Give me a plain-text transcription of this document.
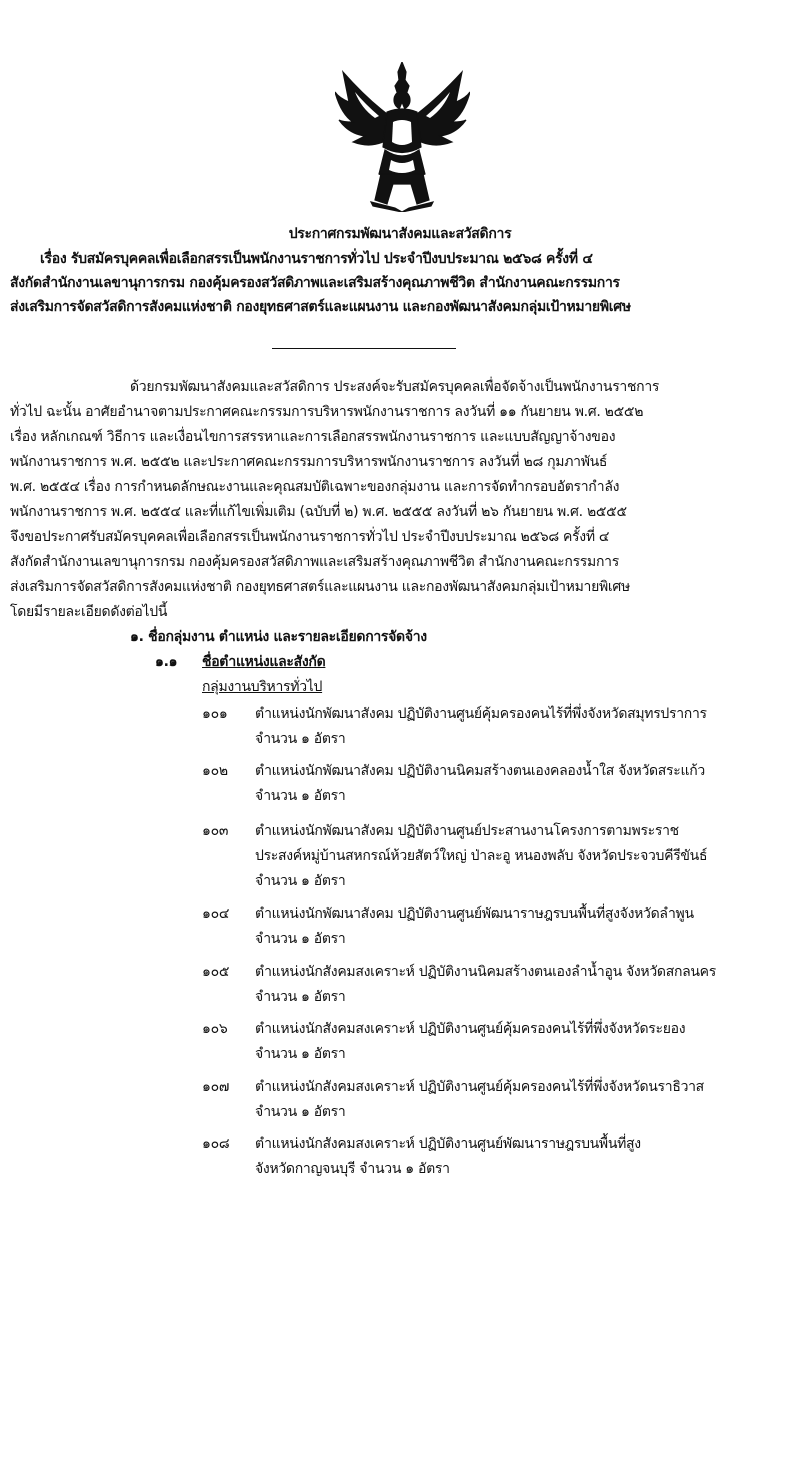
ประกาศกรมพัฒนาสังคมและสวัสดิการ
เรื่อง รับสมัครบุคคลเพื่อเลือกสรรเป็นพนักงานราชการทั่วไป ประจำปีงบประมาณ ๒๕๖๘ ครั้งที่ ๔
สังกัดสำนักงานเลขานุการกรม กองคุ้มครองสวัสดิภาพและเสริมสร้างคุณภาพชีวิต สำนักงานคณะกรรมการ
ส่งเสริมการจัดสวัสดิการสังคมแห่งชาติ กองยุทธศาสตร์และแผนงาน และกองพัฒนาสังคมกลุ่มเป้าหมายพิเศษ
ด้วยกรมพัฒนาสังคมและสวัสดิการ ประสงค์จะรับสมัครบุคคลเพื่อจัดจ้างเป็นพนักงานราชการ
ทั่วไป ฉะนั้น อาศัยอำนาจตามประกาศคณะกรรมการบริหารพนักงานราชการ ลงวันที่ ๑๑ กันยายน พ.ศ. ๒๕๕๒
เรื่อง หลักเกณฑ์ วิธีการ และเงื่อนไขการสรรหาและการเลือกสรรพนักงานราชการ และแบบสัญญาจ้างของ
พนักงานราชการ พ.ศ. ๒๕๕๒ และประกาศคณะกรรมการบริหารพนักงานราชการ ลงวันที่ ๒๘ กุมภาพันธ์
พ.ศ. ๒๕๕๔ เรื่อง การกำหนดลักษณะงานและคุณสมบัติเฉพาะของกลุ่มงาน และการจัดทำกรอบอัตรากำลัง
พนักงานราชการ พ.ศ. ๒๕๕๔ และที่แก้ไขเพิ่มเติม (ฉบับที่ ๒) พ.ศ. ๒๕๕๕ ลงวันที่ ๒๖ กันยายน พ.ศ. ๒๕๕๕
จึงขอประกาศรับสมัครบุคคลเพื่อเลือกสรรเป็นพนักงานราชการทั่วไป ประจำปีงบประมาณ ๒๕๖๘ ครั้งที่ ๔
สังกัดสำนักงานเลขานุการกรม กองคุ้มครองสวัสดิภาพและเสริมสร้างคุณภาพชีวิต สำนักงานคณะกรรมการ
ส่งเสริมการจัดสวัสดิการสังคมแห่งชาติ กองยุทธศาสตร์และแผนงาน และกองพัฒนาสังคมกลุ่มเป้าหมายพิเศษ
โดยมีรายละเอียดดังต่อไปนี้
๑. ชื่อกลุ่มงาน ตำแหน่ง และรายละเอียดการจัดจ้าง
๑.๑ ชื่อตำแหน่งและสังกัด
กลุ่มงานบริหารทั่วไป
๑๐๑ ตำแหน่งนักพัฒนาสังคม ปฏิบัติงานศูนย์คุ้มครองคนไร้ที่พึ่งจังหวัดสมุทรปราการ
จำนวน ๑ อัตรา
๑๐๒ ตำแหน่งนักพัฒนาสังคม ปฏิบัติงานนิคมสร้างตนเองคลองน้ำใส จังหวัดสระแก้ว
จำนวน ๑ อัตรา
๑๐๓ ตำแหน่งนักพัฒนาสังคม ปฏิบัติงานศูนย์ประสานงานโครงการตามพระราช
ประสงค์หมู่บ้านสหกรณ์ห้วยสัตว์ใหญ่ ป่าละอู หนองพลับ จังหวัดประจวบคีรีขันธ์
จำนวน ๑ อัตรา
๑๐๔ ตำแหน่งนักพัฒนาสังคม ปฏิบัติงานศูนย์พัฒนาราษฎรบนพื้นที่สูงจังหวัดลำพูน
จำนวน ๑ อัตรา
๑๐๕ ตำแหน่งนักสังคมสงเคราะห์ ปฏิบัติงานนิคมสร้างตนเองลำน้ำอูน จังหวัดสกลนคร
จำนวน ๑ อัตรา
๑๐๖ ตำแหน่งนักสังคมสงเคราะห์ ปฏิบัติงานศูนย์คุ้มครองคนไร้ที่พึ่งจังหวัดระยอง
จำนวน ๑ อัตรา
๑๐๗ ตำแหน่งนักสังคมสงเคราะห์ ปฏิบัติงานศูนย์คุ้มครองคนไร้ที่พึ่งจังหวัดนราธิวาส
จำนวน ๑ อัตรา
๑๐๘ ตำแหน่งนักสังคมสงเคราะห์ ปฏิบัติงานศูนย์พัฒนาราษฎรบนพื้นที่สูง
จังหวัดกาญจนบุรี จำนวน ๑ อัตรา
